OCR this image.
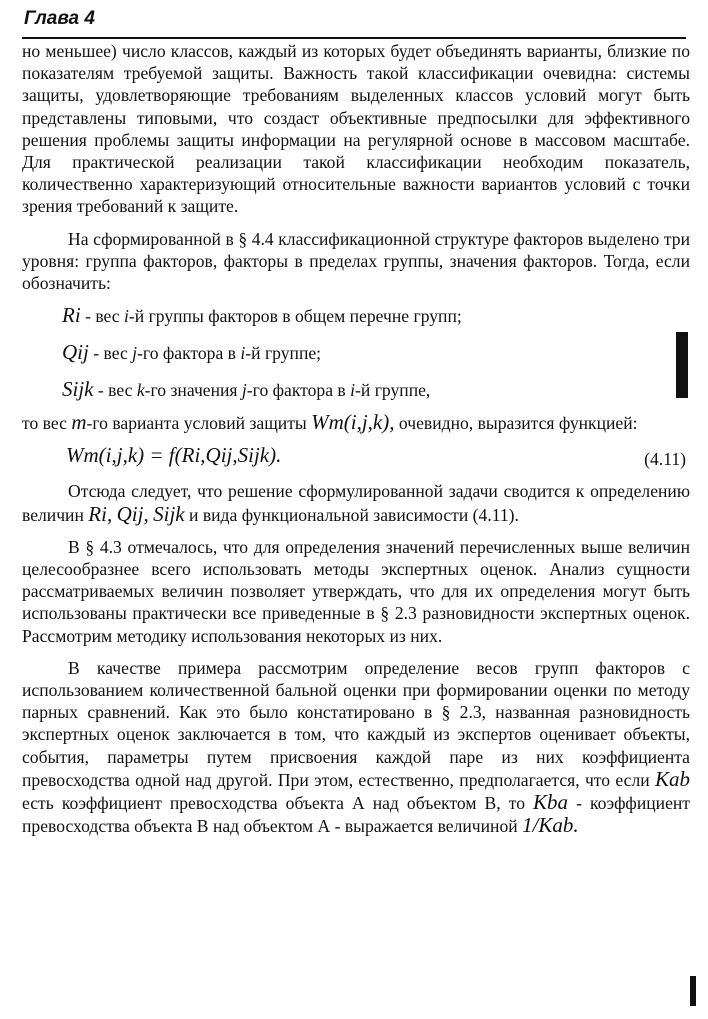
Глава 4

но меньшее) число классов, каждый из которых будет объединять варианты, близкие по показателям требуемой защиты. Важность такой классификации очевидна: системы защиты, удовлетворяющие требованиям выделенных классов условий могут быть представлены типовыми, что создаст объективные предпосылки для эффективного решения проблемы защиты информации на регулярной основе в массовом масштабе. Для практической реализации такой классификации необходим показатель, количественно характеризующий относительные важности вариантов условий с точки зрения требований к защите.

На сформированной в § 4.4 классификационной структуре факторов выделено три уровня: группа факторов, факторы в пределах группы, значения факторов. Тогда, если обозначить:

Ri - вес i-й группы факторов в общем перечне групп;

Qij - вес j-го фактора в i-й группе;

Sijk - вес k-го значения j-го фактора в i-й группе,

то вес m-го варианта условий защиты Wm(i,j,k), очевидно, выразится функцией:

Wm(i,j,k) = f(Ri,Qij,Sijk).	(4.11)

Отсюда следует, что решение сформулированной задачи сводится к определению величин Ri, Qij, Sijk и вида функциональной зависимости (4.11).

В § 4.3 отмечалось, что для определения значений перечисленных выше величин целесообразнее всего использовать методы экспертных оценок. Анализ сущности рассматриваемых величин позволяет утверждать, что для их определения могут быть использованы практически все приведенные в § 2.3 разновидности экспертных оценок. Рассмотрим методику использования некоторых из них.

В качестве примера рассмотрим определение весов групп факторов с использованием количественной бальной оценки при формировании оценки по методу парных сравнений. Как это было констатировано в § 2.3, названная разновидность экспертных оценок заключается в том, что каждый из экспертов оценивает объекты, события, параметры путем присвоения каждой паре из них коэффициента превосходства одной над другой. При этом, естественно, предполагается, что если Kab есть коэффициент превосходства объекта А над объектом В, то Kba - коэффициент превосходства объекта В над объектом А - выражается величиной 1/Kab.
